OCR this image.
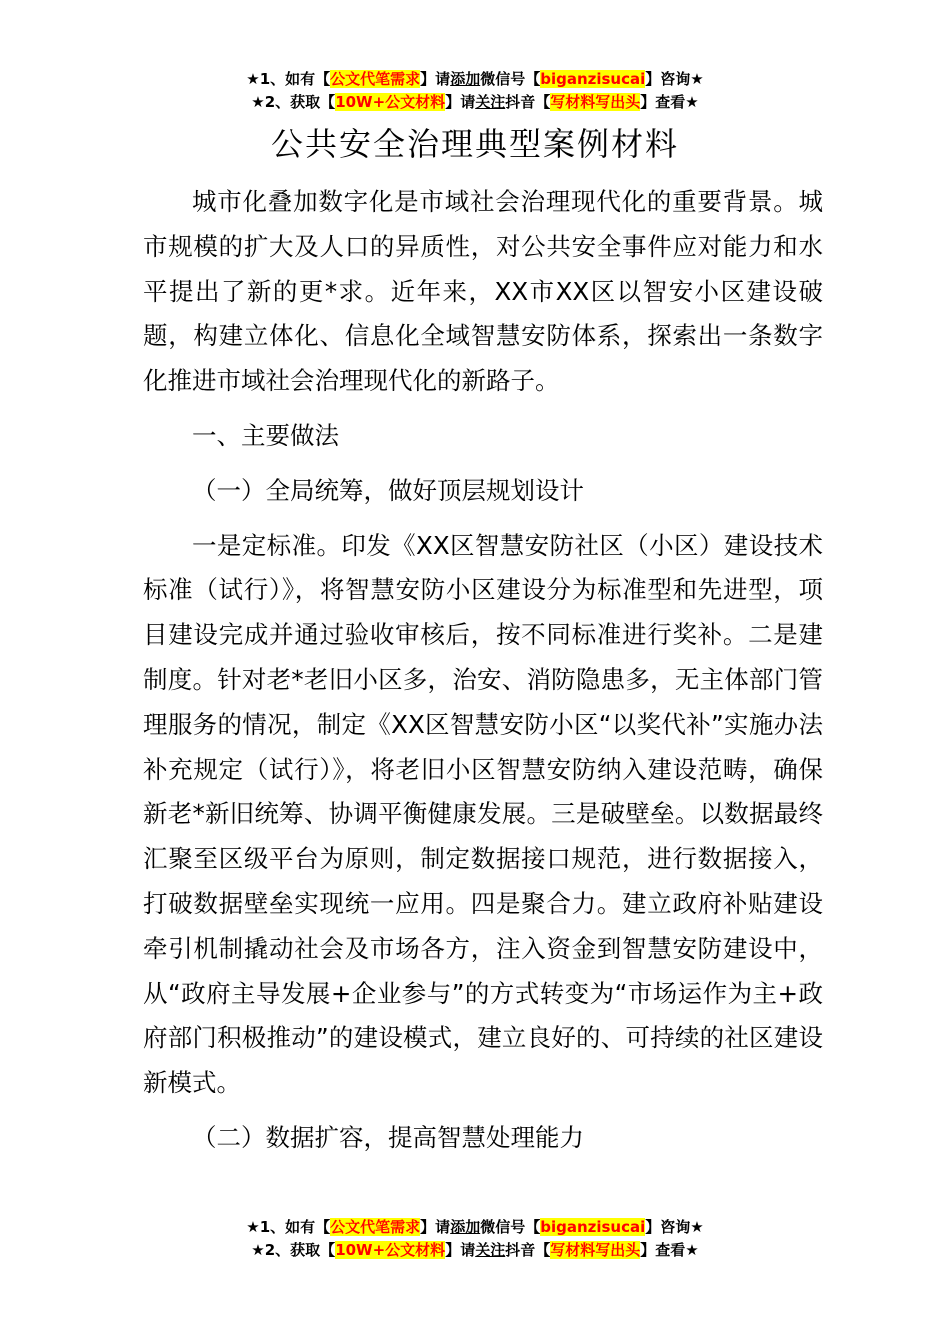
★1、如有【公文代笔需求】请添加微信号【biganzisucai】咨询★
★2、获取【10W+公文材料】请关注抖音【写材料写出头】查看★
公共安全治理典型案例材料

城市化叠加数字化是市域社会治理现代化的重要背景。城市规模的扩大及人口的异质性，对公共安全事件应对能力和水平提出了新的更*求。近年来，XX市XX区以智安小区建设破题，构建立体化、信息化全域智慧安防体系，探索出一条数字化推进市域社会治理现代化的新路子。

一、主要做法

（一）全局统筹，做好顶层规划设计

一是定标准。印发《XX区智慧安防社区（小区）建设技术标准（试行）》，将智慧安防小区建设分为标准型和先进型，项目建设完成并通过验收审核后，按不同标准进行奖补。二是建制度。针对老*老旧小区多，治安、消防隐患多，无主体部门管理服务的情况，制定《XX区智慧安防小区“以奖代补”实施办法补充规定（试行）》，将老旧小区智慧安防纳入建设范畴，确保新老*新旧统筹、协调平衡健康发展。三是破壁垒。以数据最终汇聚至区级平台为原则，制定数据接口规范，进行数据接入，打破数据壁垒实现统一应用。四是聚合力。建立政府补贴建设牵引机制撬动社会及市场各方，注入资金到智慧安防建设中，从“政府主导发展+企业参与”的方式转变为“市场运作为主+政府部门积极推动”的建设模式，建立良好的、可持续的社区建设新模式。

（二）数据扩容，提高智慧处理能力

★1、如有【公文代笔需求】请添加微信号【biganzisucai】咨询★
★2、获取【10W+公文材料】请关注抖音【写材料写出头】查看★
